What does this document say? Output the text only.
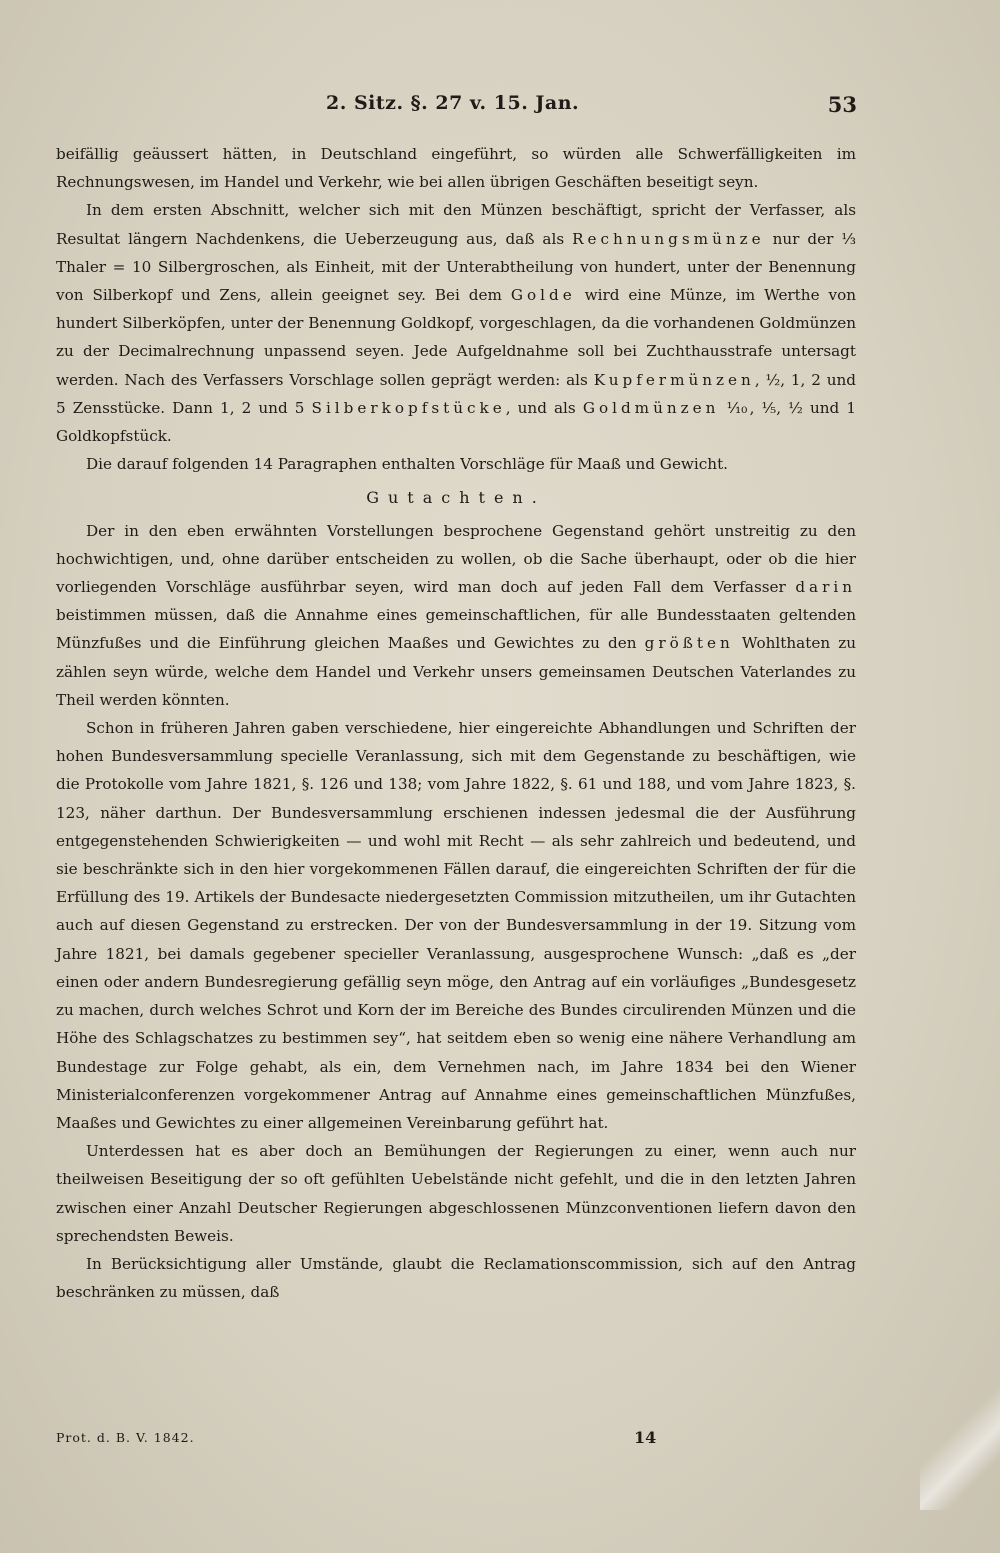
2. Sitz. §. 27 v. 15. Jan.	53

beifällig geäussert hätten, in Deutschland eingeführt, so würden alle Schwerfälligkeiten im Rechnungswesen, im Handel und Verkehr, wie bei allen übrigen Geschäften beseitigt seyn.

In dem ersten Abschnitt, welcher sich mit den Münzen beschäftigt, spricht der Verfasser, als Resultat längern Nachdenkens, die Ueberzeugung aus, daß als Rechnungsmünze nur der ⅓ Thaler = 10 Silbergroschen, als Einheit, mit der Unterabtheilung von hundert, unter der Benennung von Silberkopf und Zens, allein geeignet sey. Bei dem Golde wird eine Münze, im Werthe von hundert Silberköpfen, unter der Benennung Goldkopf, vorgeschlagen, da die vorhandenen Goldmünzen zu der Decimalrechnung unpassend seyen. Jede Aufgeldnahme soll bei Zuchthausstrafe untersagt werden. Nach des Verfassers Vorschlage sollen geprägt werden: als Kupfermünzen, ½, 1, 2 und 5 Zensstücke. Dann 1, 2 und 5 Silberkopfstücke, und als Goldmünzen ⅒, ⅕, ½ und 1 Goldkopfstück.

Die darauf folgenden 14 Paragraphen enthalten Vorschläge für Maaß und Gewicht.

Gutachten.

Der in den eben erwähnten Vorstellungen besprochene Gegenstand gehört unstreitig zu den hochwichtigen, und, ohne darüber entscheiden zu wollen, ob die Sache überhaupt, oder ob die hier vorliegenden Vorschläge ausführbar seyen, wird man doch auf jeden Fall dem Verfasser darin beistimmen müssen, daß die Annahme eines gemeinschaftlichen, für alle Bundesstaaten geltenden Münzfußes und die Einführung gleichen Maaßes und Gewichtes zu den größten Wohlthaten zu zählen seyn würde, welche dem Handel und Verkehr unsers gemeinsamen Deutschen Vaterlandes zu Theil werden könnten.

Schon in früheren Jahren gaben verschiedene, hier eingereichte Abhandlungen und Schriften der hohen Bundesversammlung specielle Veranlassung, sich mit dem Gegenstande zu beschäftigen, wie die Protokolle vom Jahre 1821, §. 126 und 138; vom Jahre 1822, §. 61 und 188, und vom Jahre 1823, §. 123, näher darthun. Der Bundesversammlung erschienen indessen jedesmal die der Ausführung entgegenstehenden Schwierigkeiten — und wohl mit Recht — als sehr zahlreich und bedeutend, und sie beschränkte sich in den hier vorgekommenen Fällen darauf, die eingereichten Schriften der für die Erfüllung des 19. Artikels der Bundesacte niedergesetzten Commission mitzutheilen, um ihr Gutachten auch auf diesen Gegenstand zu erstrecken. Der von der Bundesversammlung in der 19. Sitzung vom Jahre 1821, bei damals gegebener specieller Veranlassung, ausgesprochene Wunsch: „daß es „der einen oder andern Bundesregierung gefällig seyn möge, den Antrag auf ein vorläufiges „Bundesgesetz zu machen, durch welches Schrot und Korn der im Bereiche des Bundes circulirenden Münzen und die Höhe des Schlagschatzes zu bestimmen sey“, hat seitdem eben so wenig eine nähere Verhandlung am Bundestage zur Folge gehabt, als ein, dem Vernehmen nach, im Jahre 1834 bei den Wiener Ministerialconferenzen vorgekommener Antrag auf Annahme eines gemeinschaftlichen Münzfußes, Maaßes und Gewichtes zu einer allgemeinen Vereinbarung geführt hat.

Unterdessen hat es aber doch an Bemühungen der Regierungen zu einer, wenn auch nur theilweisen Beseitigung der so oft gefühlten Uebelstände nicht gefehlt, und die in den letzten Jahren zwischen einer Anzahl Deutscher Regierungen abgeschlossenen Münzconventionen liefern davon den sprechendsten Beweis.

In Berücksichtigung aller Umstände, glaubt die Reclamationscommission, sich auf den Antrag beschränken zu müssen, daß

Prot. d. B. V. 1842.	14
